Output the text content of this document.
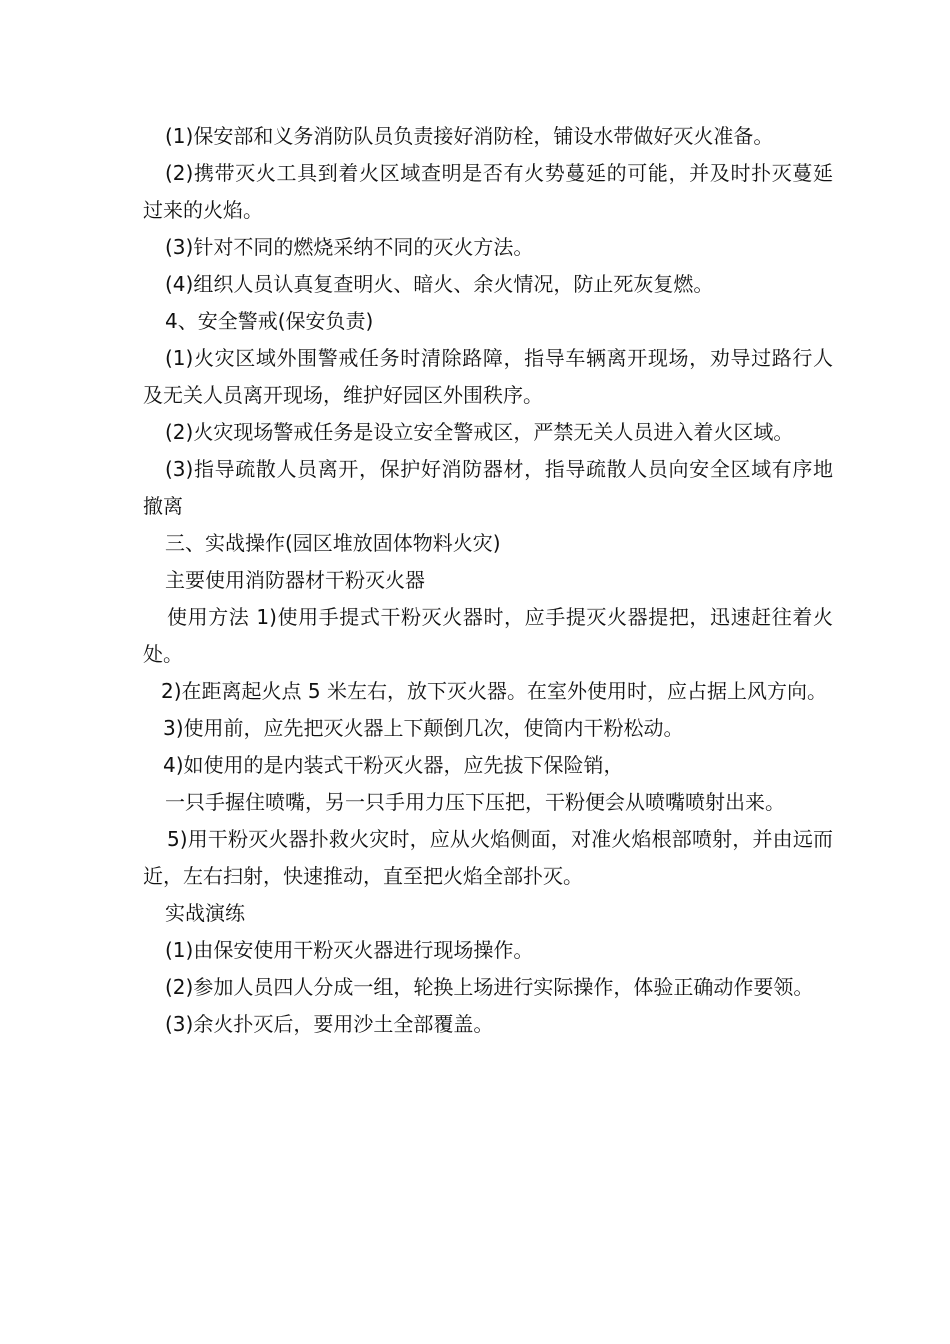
(1)保安部和义务消防队员负责接好消防栓，铺设水带做好灭火准备。

(2)携带灭火工具到着火区域查明是否有火势蔓延的可能，并及时扑灭蔓延过来的火焰。

(3)针对不同的燃烧采纳不同的灭火方法。

(4)组织人员认真复查明火、暗火、余火情况，防止死灰复燃。

4、安全警戒(保安负责)

(1)火灾区域外围警戒任务时清除路障，指导车辆离开现场，劝导过路行人及无关人员离开现场，维护好园区外围秩序。

(2)火灾现场警戒任务是设立安全警戒区，严禁无关人员进入着火区域。

(3)指导疏散人员离开，保护好消防器材，指导疏散人员向安全区域有序地撤离

三、实战操作(园区堆放固体物料火灾)

主要使用消防器材干粉灭火器

使用方法 1)使用手提式干粉灭火器时，应手提灭火器提把，迅速赶往着火处。

2)在距离起火点 5 米左右，放下灭火器。在室外使用时，应占据上风方向。

3)使用前，应先把灭火器上下颠倒几次，使筒内干粉松动。

4)如使用的是内装式干粉灭火器，应先拔下保险销，

一只手握住喷嘴，另一只手用力压下压把，干粉便会从喷嘴喷射出来。

5)用干粉灭火器扑救火灾时，应从火焰侧面，对准火焰根部喷射，并由远而近，左右扫射，快速推动，直至把火焰全部扑灭。

实战演练

(1)由保安使用干粉灭火器进行现场操作。

(2)参加人员四人分成一组，轮换上场进行实际操作，体验正确动作要领。

(3)余火扑灭后，要用沙土全部覆盖。
